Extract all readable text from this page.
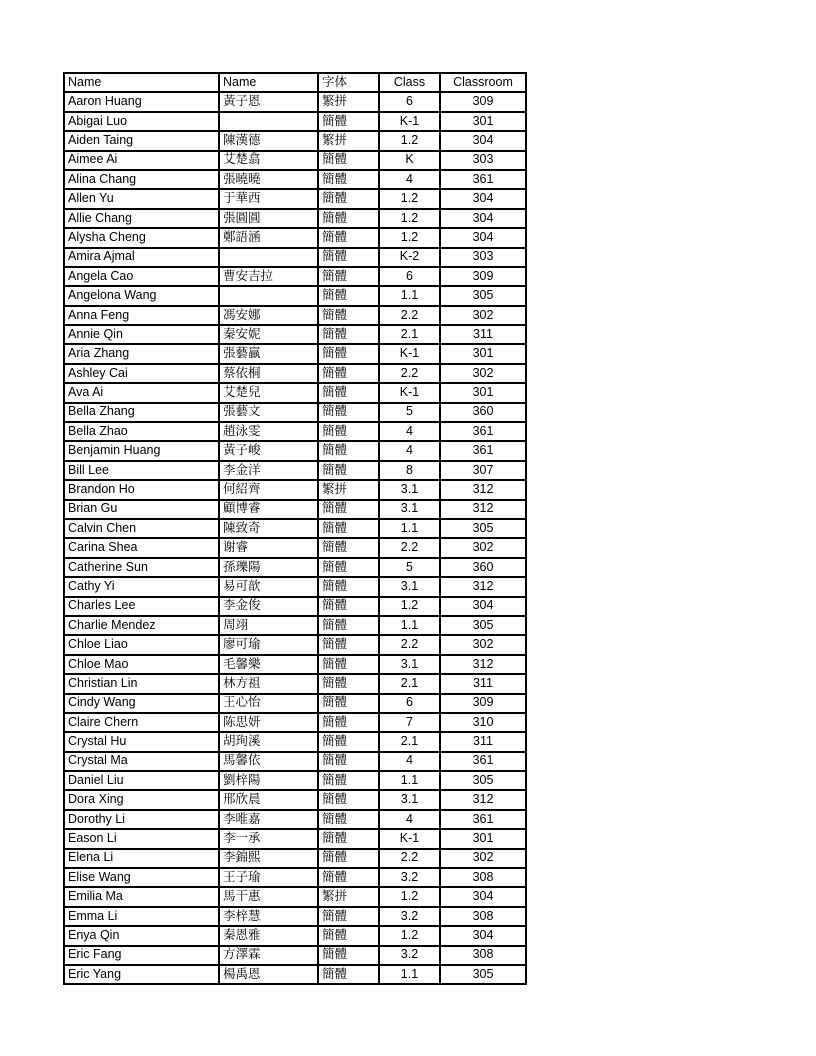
Name	Name	字体	Class	Classroom
Aaron Huang	黃子恩	繁拼	6	309
Abigai Luo		簡體	K-1	301
Aiden Taing	陳漢德	繁拼	1.2	304
Aimee Ai	艾楚翕	簡體	K	303
Alina Chang	張曉曉	簡體	4	361
Allen Yu	于華西	簡體	1.2	304
Allie Chang	張圓圓	簡體	1.2	304
Alysha Cheng	鄭語涵	簡體	1.2	304
Amira Ajmal		簡體	K-2	303
Angela Cao	曹安吉拉	簡體	6	309
Angelona Wang		簡體	1.1	305
Anna Feng	馮安娜	簡體	2.2	302
Annie Qin	秦安妮	簡體	2.1	311
Aria Zhang	張藝贏	簡體	K-1	301
Ashley Cai	蔡依桐	簡體	2.2	302
Ava Ai	艾楚兒	簡體	K-1	301
Bella Zhang	張藝文	簡體	5	360
Bella Zhao	趙泳雯	簡體	4	361
Benjamin Huang	黃子峻	簡體	4	361
Bill Lee	李金洋	簡體	8	307
Brandon Ho	何紹齊	繁拼	3.1	312
Brian Gu	顧博睿	簡體	3.1	312
Calvin Chen	陳致奇	簡體	1.1	305
Carina Shea	谢睿	簡體	2.2	302
Catherine Sun	孫瓅陽	簡體	5	360
Cathy Yi	易可歆	簡體	3.1	312
Charles Lee	李金俊	簡體	1.2	304
Charlie Mendez	周翊	簡體	1.1	305
Chloe Liao	廖可瑜	簡體	2.2	302
Chloe Mao	毛馨樂	簡體	3.1	312
Christian Lin	林方祖	簡體	2.1	311
Cindy Wang	王心怡	簡體	6	309
Claire Chern	陈思妍	簡體	7	310
Crystal Hu	胡珣溪	簡體	2.1	311
Crystal Ma	馬馨依	簡體	4	361
Daniel Liu	劉梓陽	簡體	1.1	305
Dora Xing	邢欣晨	簡體	3.1	312
Dorothy Li	李唯嘉	簡體	4	361
Eason Li	李一承	簡體	K-1	301
Elena Li	李錦熙	簡體	2.2	302
Elise Wang	王子瑜	簡體	3.2	308
Emilia Ma	馬干惠	繁拼	1.2	304
Emma Li	李梓慧	簡體	3.2	308
Enya Qin	秦恩雅	簡體	1.2	304
Eric Fang	方澤霖	簡體	3.2	308
Eric Yang	楊禹恩	簡體	1.1	305
